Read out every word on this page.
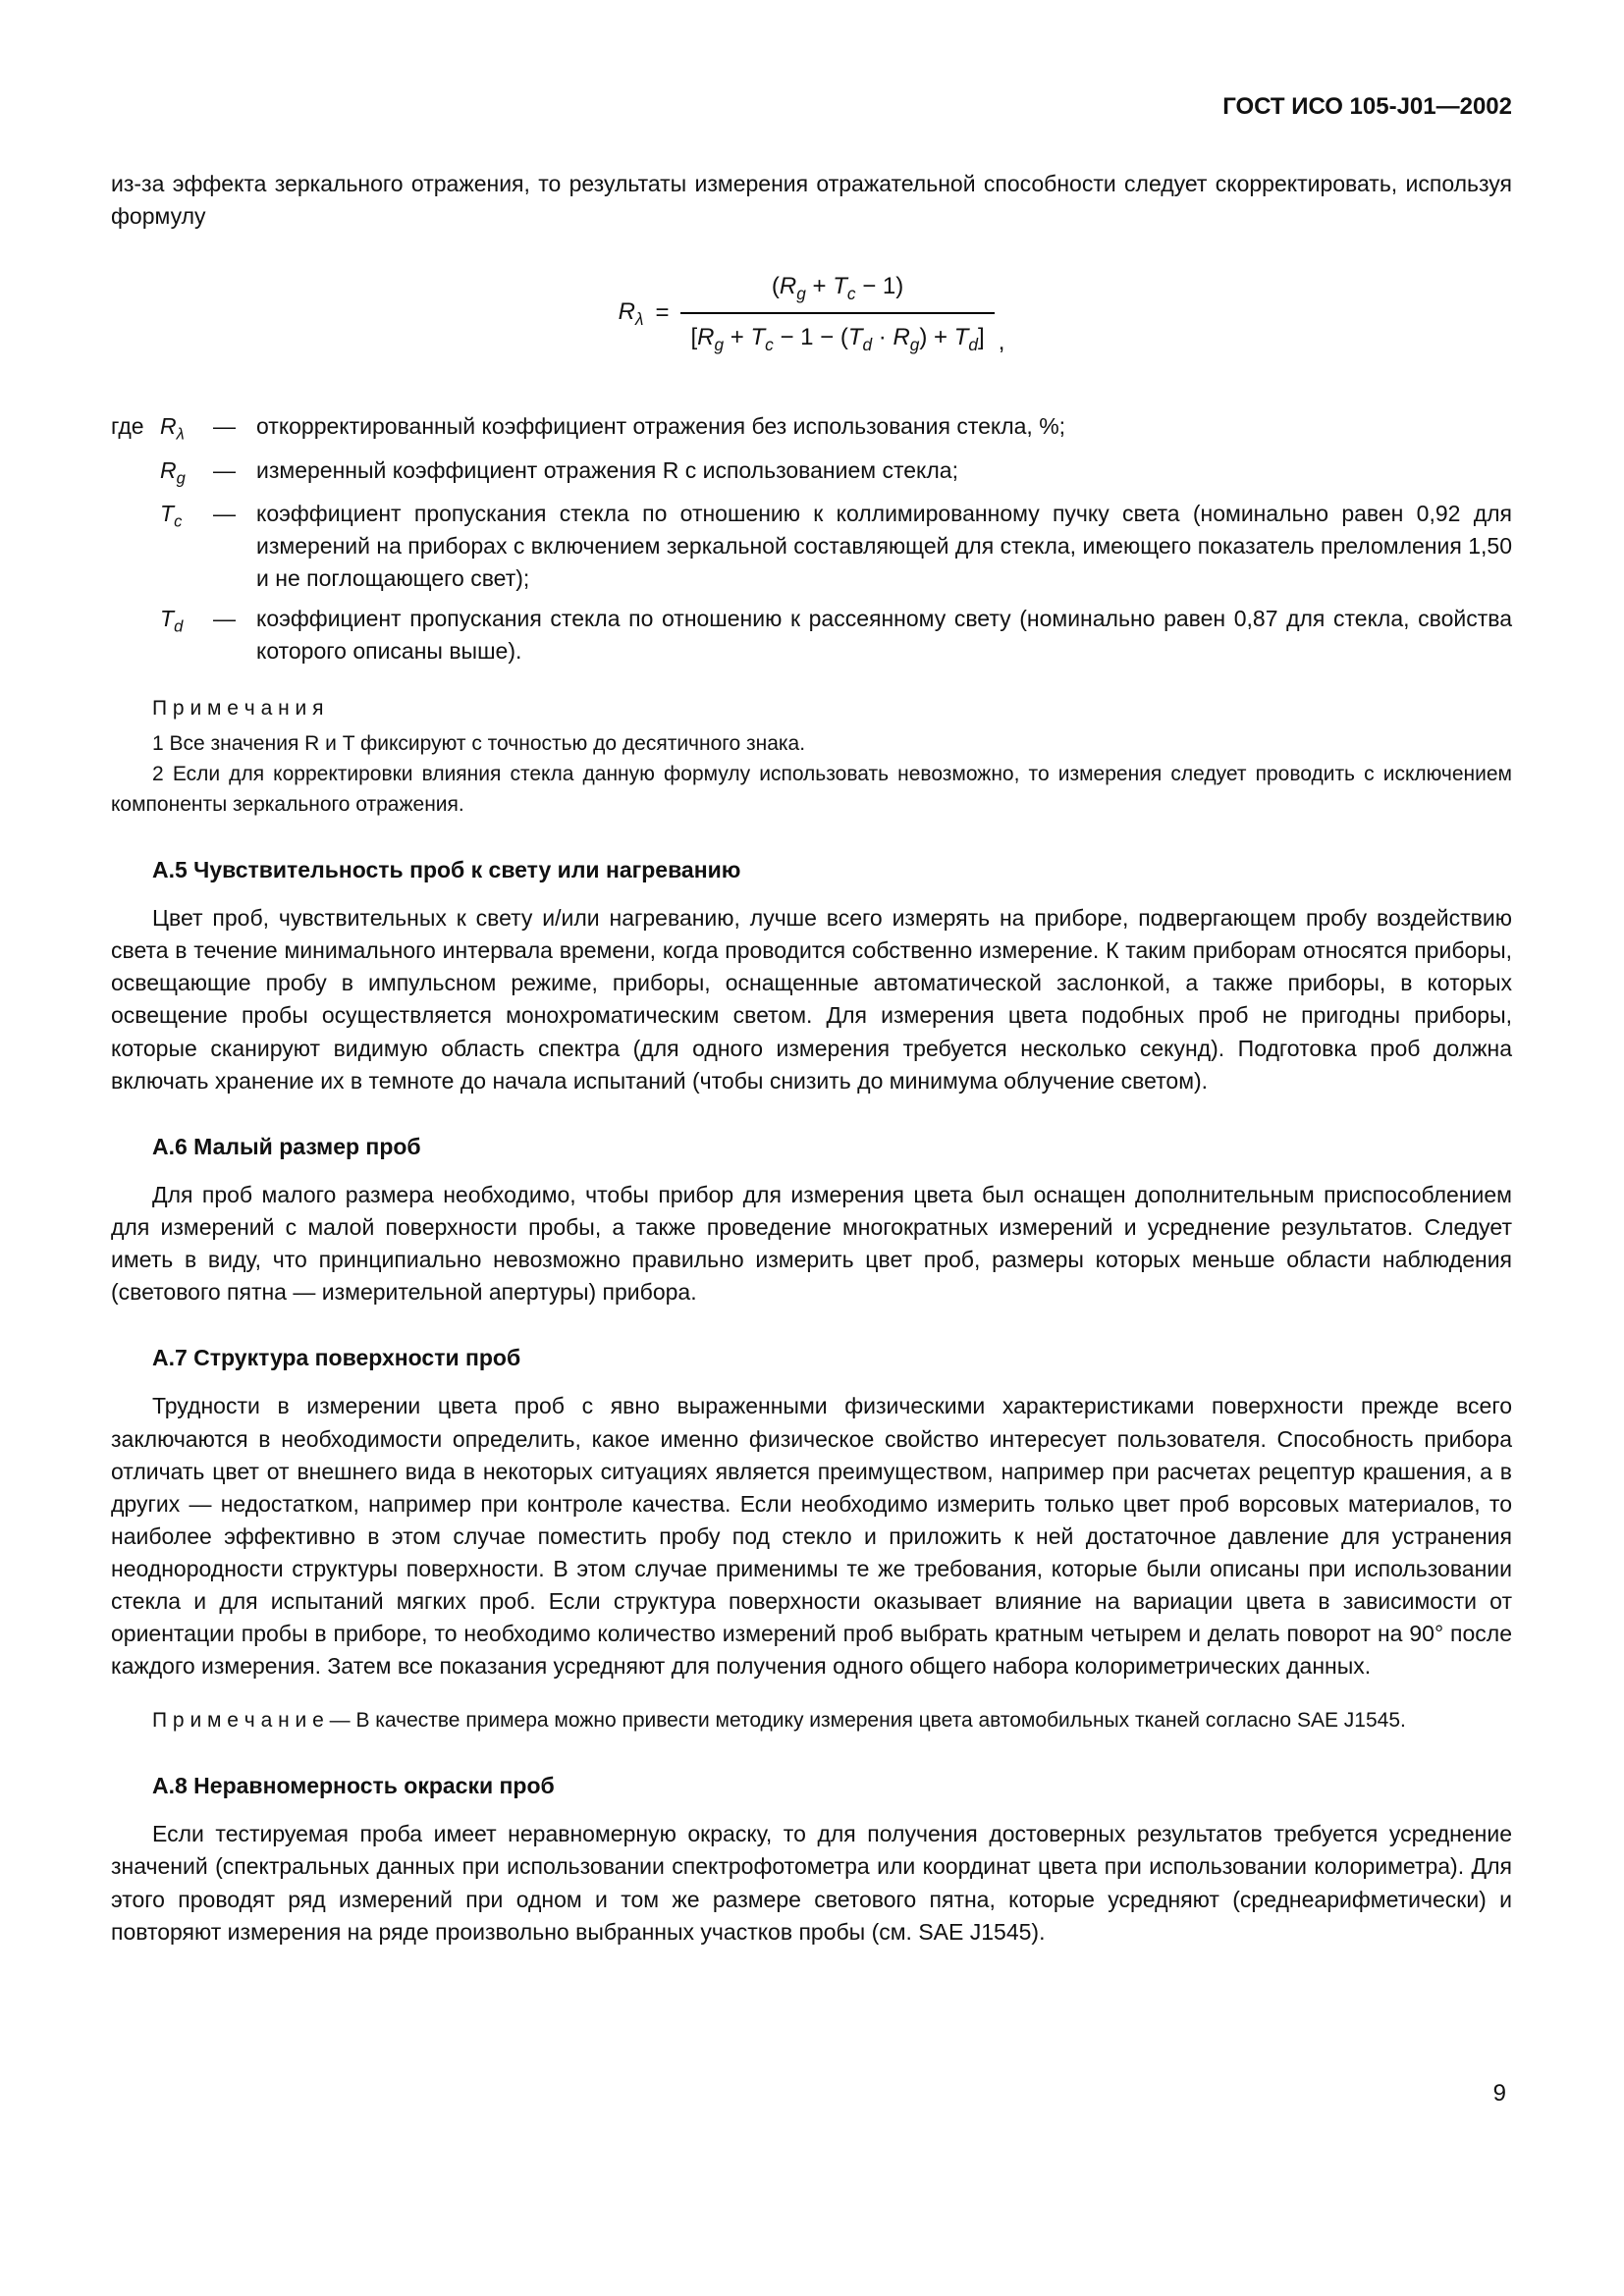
ГОСТ ИСО 105-J01—2002

из-за эффекта зеркального отражения, то результаты измерения отражательной способности следует скорректировать, используя формулу

$R_\lambda = \frac{(R_g + T_c - 1)}{[R_g + T_c - 1 - (T_d \cdot R_g) + T_d]}$ ,
где $R_\lambda$	— откорректированный коэффициент отражения без использования стекла, %;
$R_g$	— измеренный коэффициент отражения R с использованием стекла;
$T_c$	— коэффициент пропускания стекла по отношению к коллимированному пучку света (номинально равен 0,92 для измерений на приборах с включением зеркальной составляющей для стекла, имеющего показатель преломления 1,50 и не поглощающего свет);
$T_d$	— коэффициент пропускания стекла по отношению к рассеянному свету (номинально равен 0,87 для стекла, свойства которого описаны выше).
П р и м е ч а н и я

1 Все значения R и T фиксируют с точностью до десятичного знака.

2 Если для корректировки влияния стекла данную формулу использовать невозможно, то измерения следует проводить с исключением компоненты зеркального отражения.

А.5 Чувствительность проб к свету или нагреванию

Цвет проб, чувствительных к свету и/или нагреванию, лучше всего измерять на приборе, подвергающем пробу воздействию света в течение минимального интервала времени, когда проводится собственно измерение. К таким приборам относятся приборы, освещающие пробу в импульсном режиме, приборы, оснащенные автоматической заслонкой, а также приборы, в которых освещение пробы осуществляется монохроматическим светом. Для измерения цвета подобных проб не пригодны приборы, которые сканируют видимую область спектра (для одного измерения требуется несколько секунд). Подготовка проб должна включать хранение их в темноте до начала испытаний (чтобы снизить до минимума облучение светом).

А.6 Малый размер проб

Для проб малого размера необходимо, чтобы прибор для измерения цвета был оснащен дополнительным приспособлением для измерений с малой поверхности пробы, а также проведение многократных измерений и усреднение результатов. Следует иметь в виду, что принципиально невозможно правильно измерить цвет проб, размеры которых меньше области наблюдения (светового пятна — измерительной апертуры) прибора.

А.7 Структура поверхности проб

Трудности в измерении цвета проб с явно выраженными физическими характеристиками поверхности прежде всего заключаются в необходимости определить, какое именно физическое свойство интересует пользователя. Способность прибора отличать цвет от внешнего вида в некоторых ситуациях является преимуществом, например при расчетах рецептур крашения, а в других — недостатком, например при контроле качества. Если необходимо измерить только цвет проб ворсовых материалов, то наиболее эффективно в этом случае поместить пробу под стекло и приложить к ней достаточное давление для устранения неоднородности структуры поверхности. В этом случае применимы те же требования, которые были описаны при использовании стекла и для испытаний мягких проб. Если структура поверхности оказывает влияние на вариации цвета в зависимости от ориентации пробы в приборе, то необходимо количество измерений проб выбрать кратным четырем и делать поворот на 90° после каждого измерения. Затем все показания усредняют для получения одного общего набора колориметрических данных.

П р и м е ч а н и е — В качестве примера можно привести методику измерения цвета автомобильных тканей согласно SAE J1545.

А.8 Неравномерность окраски проб

Если тестируемая проба имеет неравномерную окраску, то для получения достоверных результатов требуется усреднение значений (спектральных данных при использовании спектрофотометра или координат цвета при использовании колориметра). Для этого проводят ряд измерений при одном и том же размере светового пятна, которые усредняют (среднеарифметически) и повторяют измерения на ряде произвольно выбранных участков пробы (см. SAE J1545).

9
